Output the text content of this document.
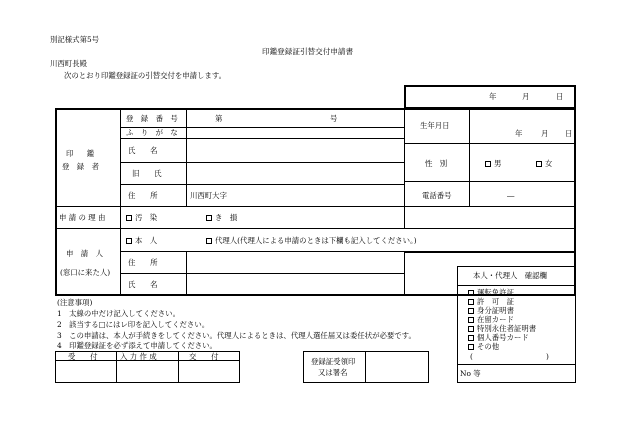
別記様式第5号
印鑑登録証引替交付申請書
川西町長殿
次のとおり印鑑登録証の引替交付を申請します。
年	月	日
印　鑑
登　録　者
登　録　番　号	第	号
ふ　り　が　な
氏　　名
旧　　氏
住　　所	川西町大字
生年月日
年	月 日
性　別	男	女
電話番号	―
申 請 の 理 由	汚　染	き　損
申　請　人
(窓口に来た人)
本　人	代理人(代理人による申請のときは下欄も記入してください。)
住　　所
氏　　名
(注意事項)
1　太線の中だけ記入してください。
2　該当する□にはレ印を記入してください。
3　この申請は、本人が手続きをしてください。代理人によるときは、代理人選任届又は委任状が必要です。
4　印鑑登録証を必ず添えて申請してください。
受　　付	入 力 作 成	交　　付
登録証受領印
又は署名
本人・代理人　確認欄
運転免許証
許　可　証
身分証明書
在留カード
特別永住者証明書
個人番号カード
その他
(	)
No 等
